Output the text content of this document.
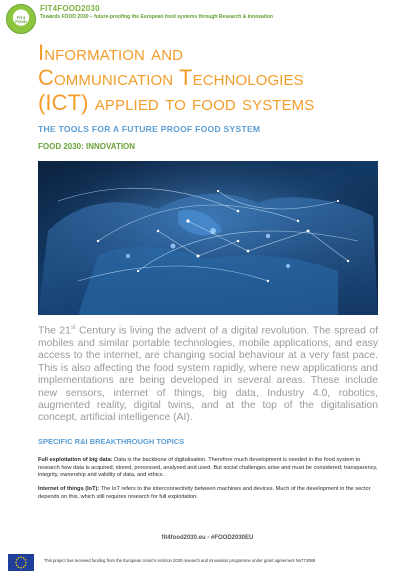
FIT4
FOOD
FIT4FOOD2030
Towards FOOD 2030 – future-proofing the European food systems through Research & Innovation
Information and
Communication Technologies
(ICT) applied to food systems
THE TOOLS FOR A FUTURE PROOF FOOD SYSTEM
FOOD 2030: INNOVATION
The 21st Century is living the advent of a digital revolution. The spread of mobiles and similar portable technologies, mobile applications, and easy access to the internet, are changing social behaviour at a very fast pace. This is also affecting the food system rapidly, where new applications and implementations are being developed in several areas. These include new sensors, internet of things, big data, Industry 4.0, robotics, augmented reality, digital twins, and at the top of the digitalisation concept, artificial intelligence (AI).
SPECIFIC R&I BREAKTHROUGH TOPICS
Full exploitation of big data: Data is the backbone of digitalisation. Therefore much development is needed in the food system to research how data is acquired, stored, processed, analysed and used. But social challenges arise and must be considered; transparency, integrity, ownership and validity of data, and ethics.
Internet of things (IoT): The IoT refers to the interconnectivity between machines and devices. Much of the development in the sector depends on this, which still requires research for full exploitation.
fit4food2030.eu - #FOOD2030EU
This project has received funding from the European Union's Horizon 2020 research and innovation programme under grant agreement No774088
